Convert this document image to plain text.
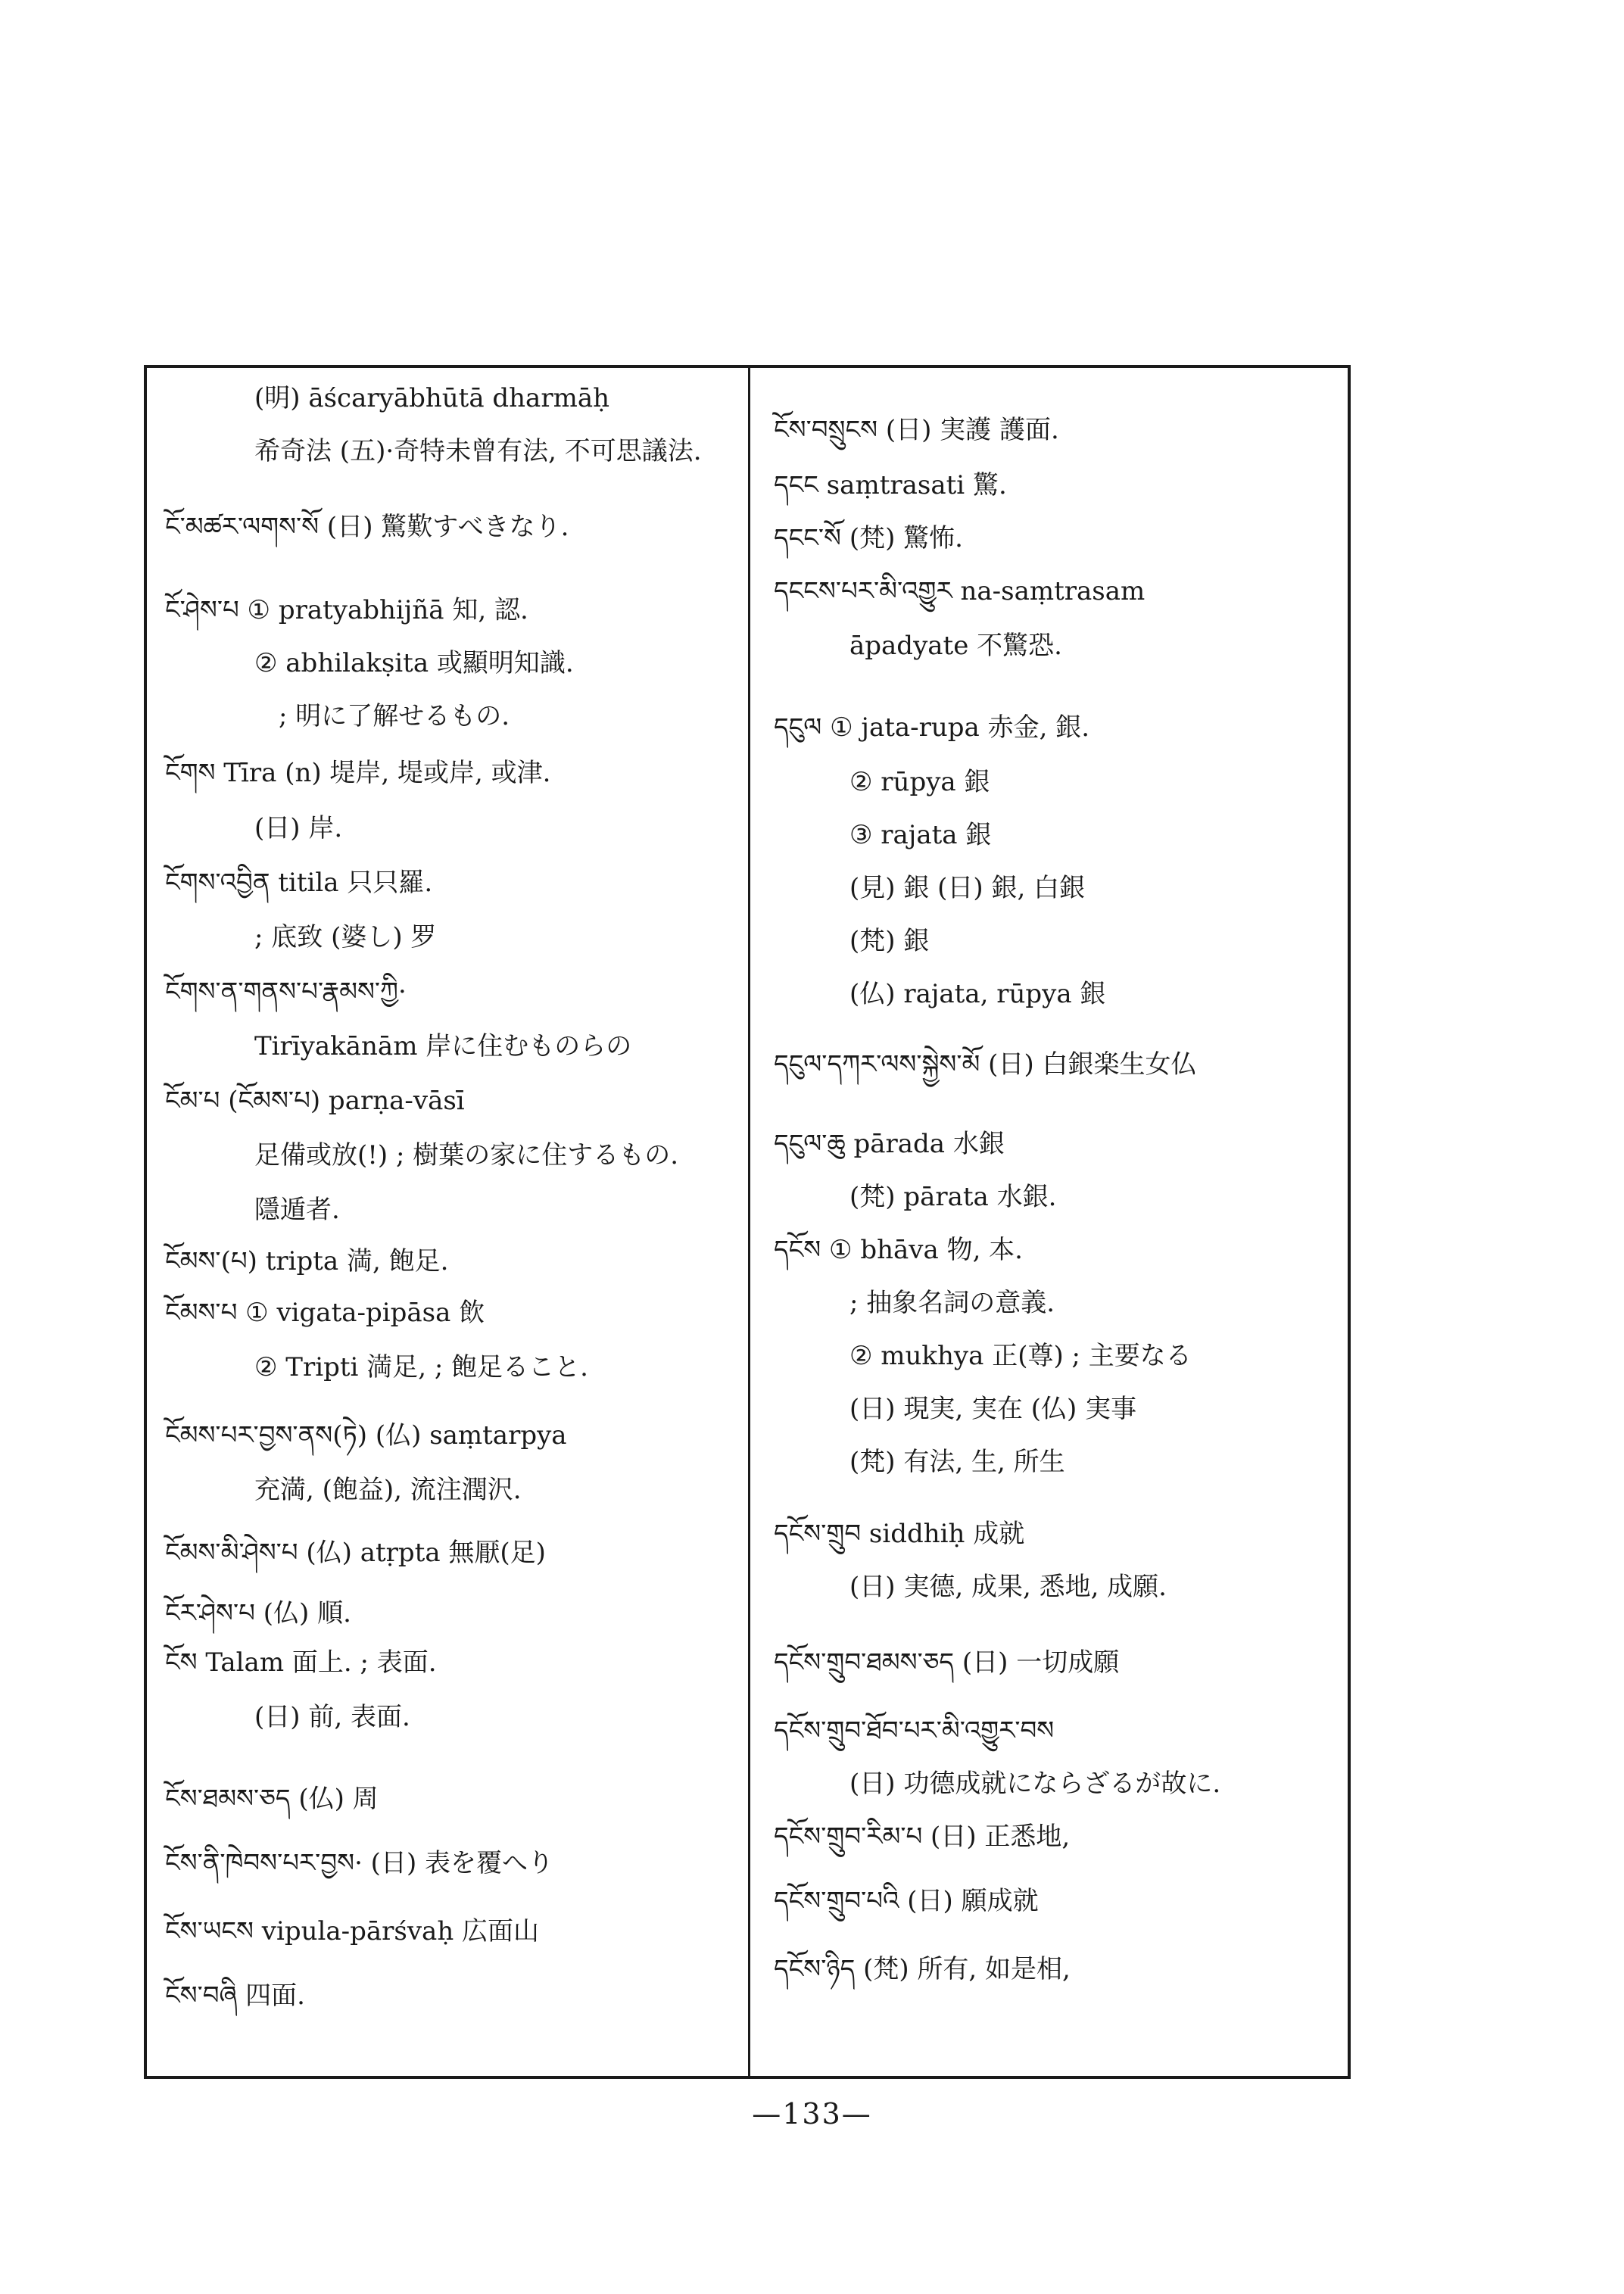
(明) āścaryābhūtā dharmāḥ
希奇法 (五)·奇特未曾有法, 不可思議法.
ངོ་མཚར་ལགས་སོ (日) 驚歎すべきなり.
ངོ་ཤེས་པ ① pratyabhijñā 知, 認.
② abhilakṣita 或顯明知識.
; 明に了解せるもの.
ངོགས Tīra (n) 堤岸, 堤或岸, 或津.
(日) 岸.
ངོགས་འབྱིན titila 只只羅.
; 底致 (婆し) 罗
ངོགས་ན་གནས་པ་རྣམས་ཀྱི·
Tirīyakānām 岸に住むものらの
ངོམ་པ (ངོམས་པ) parṇa-vāsī
足備或放(!) ; 樹葉の家に住するもの.
隱遁者.
ངོམས་(པ) tripta 満, 飽足.
ངོམས་པ ① vigata-pipāsa 飲
② Tripti 満足, ; 飽足ること.
ངོམས་པར་བྱས་ནས(ཏེ) (仏) saṃtarpya
充満, (飽益), 流注潤沢.
ངོམས་མི་ཤེས་པ (仏) atṛpta 無厭(足)
ངོར་ཤེས་པ (仏) 順.
ངོས Talam 面上. ; 表面.
(日) 前, 表面.
ངོས་ཐམས་ཅད (仏) 周
ངོས་ནི་ཁེབས་པར་བྱས· (日) 表を覆へり
ངོས་ཡངས vipula-pārśvaḥ 広面山
ངོས་བཞི 四面.
ངོས་བསྲུངས (日) 実護 護面.
དངང saṃtrasati 驚.
དངང་སོ (梵) 驚怖.
དངངས་པར་མི་འགྱུར na-saṃtrasam
āpadyate 不驚恐.
དངུལ ① jata-rupa 赤金, 銀.
② rūpya 銀
③ rajata 銀
(見) 銀 (日) 銀, 白銀
(梵) 銀
(仏) rajata, rūpya 銀
དངུལ་དཀར་ལས་སྐྱེས་མོ (日) 白銀楽生女仏
དངུལ་ཆུ pārada 水銀
(梵) pārata 水銀.
དངོས ① bhāva 物, 本.
; 抽象名詞の意義.
② mukhya 正(尊) ; 主要なる
(日) 現実, 実在 (仏) 実事
(梵) 有法, 生, 所生
དངོས་གྲུབ siddhiḥ 成就
(日) 実德, 成果, 悉地, 成願.
དངོས་གྲུབ་ཐམས་ཅད (日) 一切成願
དངོས་གྲུབ་ཐོབ་པར་མི་འགྱུར་བས
(日) 功德成就にならざるが故に.
དངོས་གྲུབ་རིམ་པ (日) 正悉地,
དངོས་གྲུབ་པའི (日) 願成就
དངོས་ཉིད (梵) 所有, 如是相,
—133—
